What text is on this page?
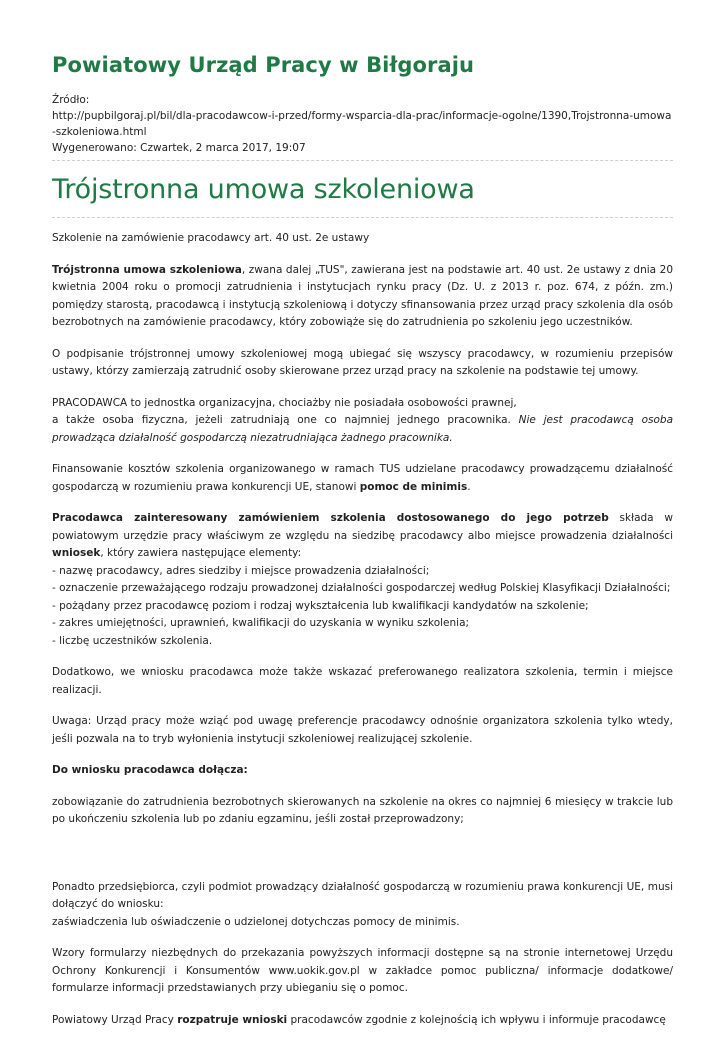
Powiatowy Urząd Pracy w Biłgoraju
Źródło:
http://pupbilgoraj.pl/bil/dla-pracodawcow-i-przed/formy-wsparcia-dla-prac/informacje-ogolne/1390,Trojstronna-umowa-szkoleniowa.html
Wygenerowano: Czwartek, 2 marca 2017, 19:07
Trójstronna umowa szkoleniowa

Szkolenie na zamówienie pracodawcy art. 40 ust. 2e ustawy

Trójstronna umowa szkoleniowa, zwana dalej „TUS", zawierana jest na podstawie art. 40 ust. 2e ustawy z dnia 20 kwietnia 2004 roku o promocji zatrudnienia i instytucjach rynku pracy (Dz. U. z 2013 r. poz. 674, z późn. zm.) pomiędzy starostą, pracodawcą i instytucją szkoleniową i dotyczy sfinansowania przez urząd pracy szkolenia dla osób bezrobotnych na zamówienie pracodawcy, który zobowiąże się do zatrudnienia po szkoleniu jego uczestników.

O podpisanie trójstronnej umowy szkoleniowej mogą ubiegać się wszyscy pracodawcy, w rozumieniu przepisów ustawy, którzy zamierzają zatrudnić osoby skierowane przez urząd pracy na szkolenie na podstawie tej umowy.

PRACODAWCA to jednostka organizacyjna, chociażby nie posiadała osobowości prawnej,
a także osoba fizyczna, jeżeli zatrudniają one co najmniej jednego pracownika. Nie jest pracodawcą osoba prowadząca działalność gospodarczą niezatrudniająca żadnego pracownika.

Finansowanie kosztów szkolenia organizowanego w ramach TUS udzielane pracodawcy prowadzącemu działalność gospodarczą w rozumieniu prawa konkurencji UE, stanowi pomoc de minimis.

Pracodawca zainteresowany zamówieniem szkolenia dostosowanego do jego potrzeb składa w powiatowym urzędzie pracy właściwym ze względu na siedzibę pracodawcy albo miejsce prowadzenia działalności wniosek, który zawiera następujące elementy:
- nazwę pracodawcy, adres siedziby i miejsce prowadzenia działalności;
- oznaczenie przeważającego rodzaju prowadzonej działalności gospodarczej według Polskiej Klasyfikacji Działalności;
- pożądany przez pracodawcę poziom i rodzaj wykształcenia lub kwalifikacji kandydatów na szkolenie;
- zakres umiejętności, uprawnień, kwalifikacji do uzyskania w wyniku szkolenia;
- liczbę uczestników szkolenia.

Dodatkowo, we wniosku pracodawca może także wskazać preferowanego realizatora szkolenia, termin i miejsce realizacji.

Uwaga: Urząd pracy może wziąć pod uwagę preferencje pracodawcy odnośnie organizatora szkolenia tylko wtedy, jeśli pozwala na to tryb wyłonienia instytucji szkoleniowej realizującej szkolenie.

Do wniosku pracodawca dołącza:

zobowiązanie do zatrudnienia bezrobotnych skierowanych na szkolenie na okres co najmniej 6 miesięcy w trakcie lub po ukończeniu szkolenia lub po zdaniu egzaminu, jeśli został przeprowadzony;

Ponadto przedsiębiorca, czyli podmiot prowadzący działalność gospodarczą w rozumieniu prawa konkurencji UE, musi dołączyć do wniosku:
zaświadczenia lub oświadczenie o udzielonej dotychczas pomocy de minimis.

Wzory formularzy niezbędnych do przekazania powyższych informacji dostępne są na stronie internetowej Urzędu Ochrony Konkurencji i Konsumentów www.uokik.gov.pl w zakładce pomoc publiczna/ informacje dodatkowe/ formularze informacji przedstawianych przy ubieganiu się o pomoc.

Powiatowy Urząd Pracy rozpatruje wnioski pracodawców zgodnie z kolejnością ich wpływu i informuje pracodawcę
